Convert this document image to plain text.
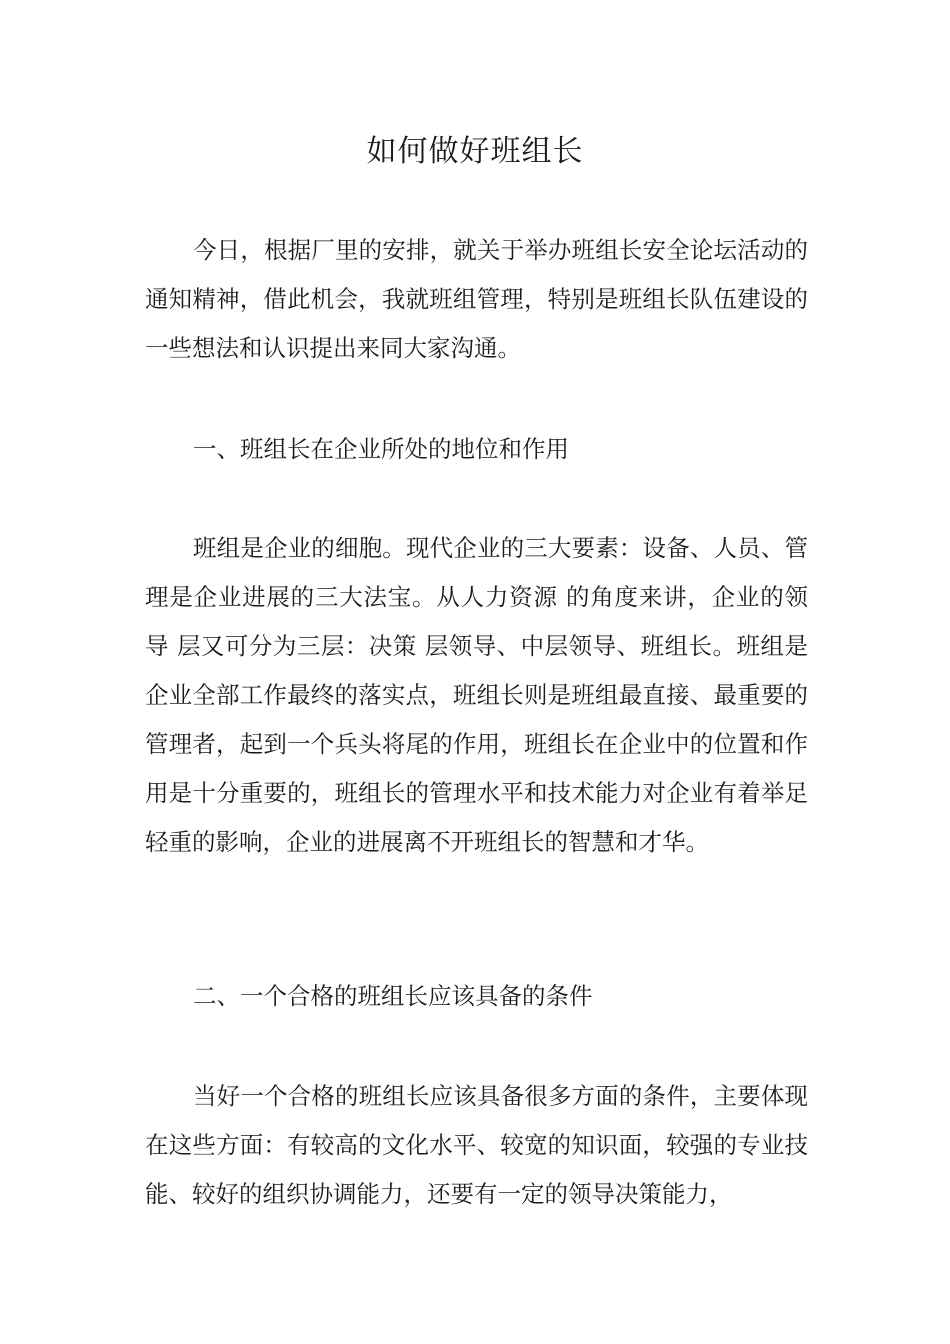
如何做好班组长

今日，根据厂里的安排，就关于举办班组长安全论坛活动的通知精神，借此机会，我就班组管理，特别是班组长队伍建设的一些想法和认识提出来同大家沟通。

一、班组长在企业所处的地位和作用

班组是企业的细胞。现代企业的三大要素：设备、人员、管理是企业进展的三大法宝。从人力资源 的角度来讲，企业的领导 层又可分为三层：决策 层领导、中层领导、班组长。班组是企业全部工作最终的落实点，班组长则是班组最直接、最重要的管理者，起到一个兵头将尾的作用，班组长在企业中的位置和作用是十分重要的，班组长的管理水平和技术能力对企业有着举足轻重的影响，企业的进展离不开班组长的智慧和才华。

二、一个合格的班组长应该具备的条件

当好一个合格的班组长应该具备很多方面的条件，主要体现在这些方面：有较高的文化水平、较宽的知识面，较强的专业技能、较好的组织协调能力，还要有一定的领导决策能力，
